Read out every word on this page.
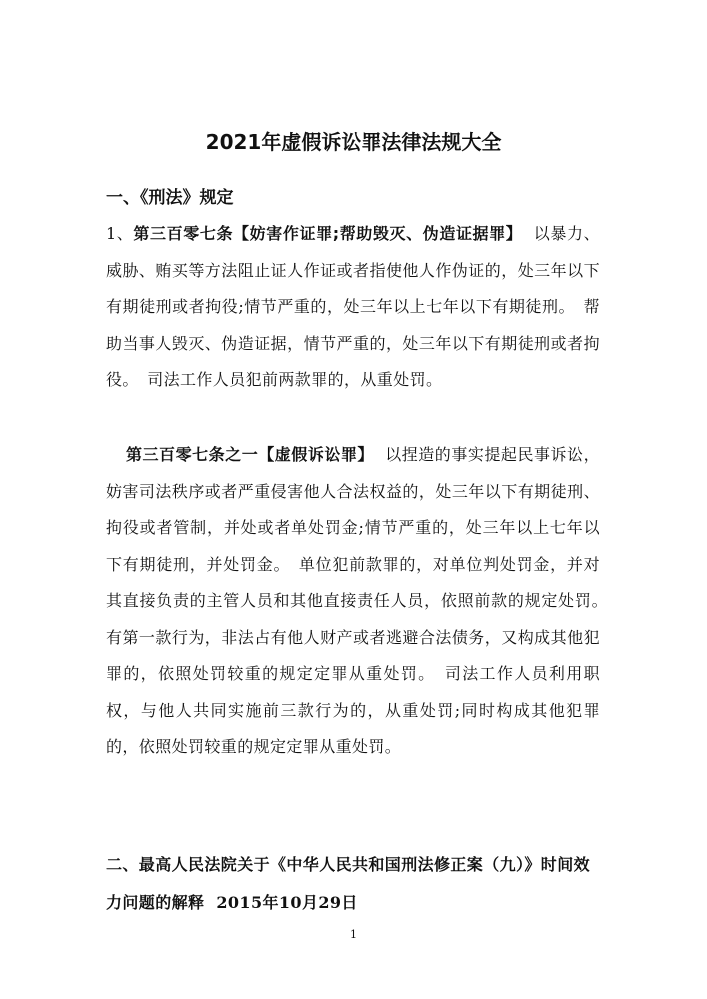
2021年虚假诉讼罪法律法规大全
一、《刑法》规定
1、第三百零七条【妨害作证罪;帮助毁灭、伪造证据罪】 以暴力、威胁、贿买等方法阻止证人作证或者指使他人作伪证的，处三年以下有期徒刑或者拘役;情节严重的，处三年以上七年以下有期徒刑。　帮助当事人毁灭、伪造证据，情节严重的，处三年以下有期徒刑或者拘役。　司法工作人员犯前两款罪的，从重处罚。
第三百零七条之一【虚假诉讼罪】 以捏造的事实提起民事诉讼，妨害司法秩序或者严重侵害他人合法权益的，处三年以下有期徒刑、拘役或者管制，并处或者单处罚金;情节严重的，处三年以上七年以下有期徒刑，并处罚金。　单位犯前款罪的，对单位判处罚金，并对其直接负责的主管人员和其他直接责任人员，依照前款的规定处罚。　有第一款行为，非法占有他人财产或者逃避合法债务，又构成其他犯罪的，依照处罚较重的规定定罪从重处罚。　司法工作人员利用职权，与他人共同实施前三款行为的，从重处罚;同时构成其他犯罪的，依照处罚较重的规定定罪从重处罚。
二、最高人民法院关于《中华人民共和国刑法修正案（九）》时间效力问题的解释 2015年10月29日
1
